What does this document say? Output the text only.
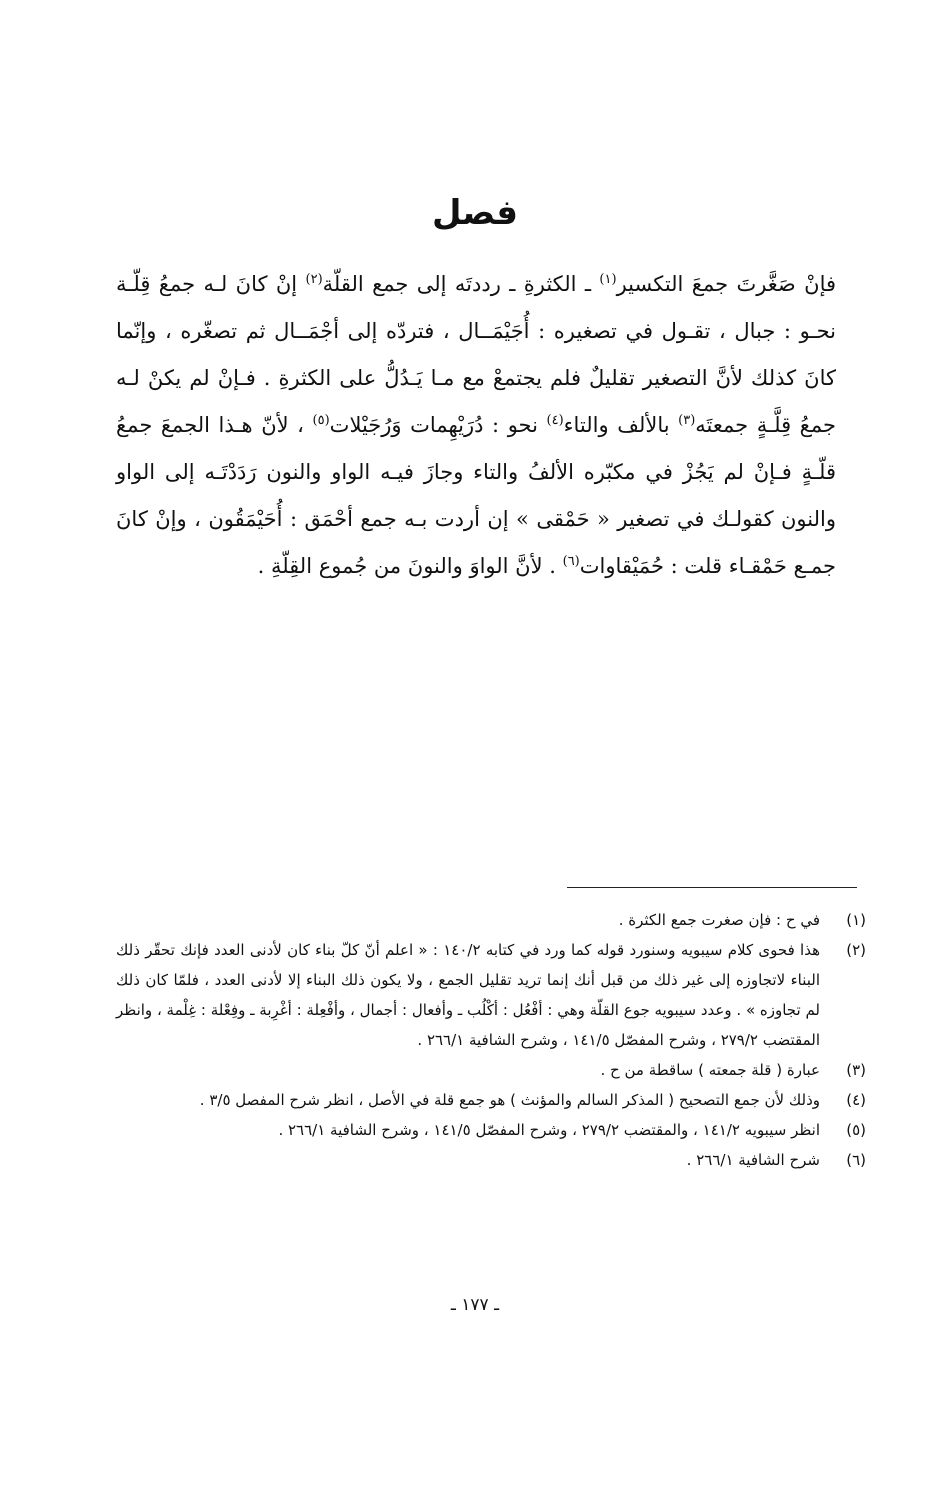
فصل

فإنْ صَغَّرتَ جمعَ التكسير$^{(١)}$ ـ الكثرةِ ـ رددتَه إلى جمع القلّة$^{(٢)}$ إنْ كانَ لـه جمعُ قِلّـة نحـو : جبال ، تقـول في تصغيره : أُجَيْمَــال ، فتردّه إلى أجْمَــال ثم تصغّره ، وإنّما كانَ كذلك لأنَّ التصغير تقليلٌ فلم يجتمعْ مع مـا يَـدُلُّ على الكثرةِ . فـإنْ لم يكنْ لـه جمعُ قِلَّـةٍ جمعتَه$^{(٣)}$ بالألف والتاء$^{(٤)}$ نحو : دُرَيْهِمات وَرُجَيْلات$^{(٥)}$ ، لأنّ هـذا الجمعَ جمعُ قلّـةٍ فـإنْ لم يَجُزْ في مكبّره الألفُ والتاء وجازَ فيـه الواو والنون رَدَدْتَـه إلى الواو والنون كقولـك في تصغير « حَمْقى » إن أردت بـه جمع أحْمَق : أُحَيْمَقُون ، وإنْ كانَ جمـع حَمْقـاء قلت : حُمَيْقاوات$^{(٦)}$ . لأنَّ الواوَ والنونَ من جُموع القِلّةِ .

(١)
في ح : فإن صغرت جمع الكثرة .
(٢)
هذا فحوى كلام سيبويه وسنورد قوله كما ورد في كتابه ١٤٠/٢ : « اعلم أنّ كلّ بناء كان لأدنى العدد فإنك تحقّر ذلك البناء لاتجاوزه إلى غير ذلك من قبل أنك إنما تريد تقليل الجمع ، ولا يكون ذلك البناء إلا لأدنى العدد ، فلمّا كان ذلك لم تجاوزه » . وعدد سيبويه جوع القلّة وهي : أفْعُل : أكْلُب ـ وأفعال : أجمال ، وأفْعِلة : أغْرِبة ـ وفِعْلة : غِلْمة ، وانظر المقتضب ٢٧٩/٢ ، وشرح المفصّل ١٤١/٥ ، وشرح الشافية ٢٦٦/١ .
(٣)
عبارة ( قلة جمعته ) ساقطة من ح .
(٤)
وذلك لأن جمع التصحيح ( المذكر السالم والمؤنث ) هو جمع قلة في الأصل ، انظر شرح المفصل ٣/٥ .
(٥)
انظر سيبويه ١٤١/٢ ، والمقتضب ٢٧٩/٢ ، وشرح المفصّل ١٤١/٥ ، وشرح الشافية ٢٦٦/١ .
(٦)
شرح الشافية ٢٦٦/١ .
ـ ١٧٧ ـ
